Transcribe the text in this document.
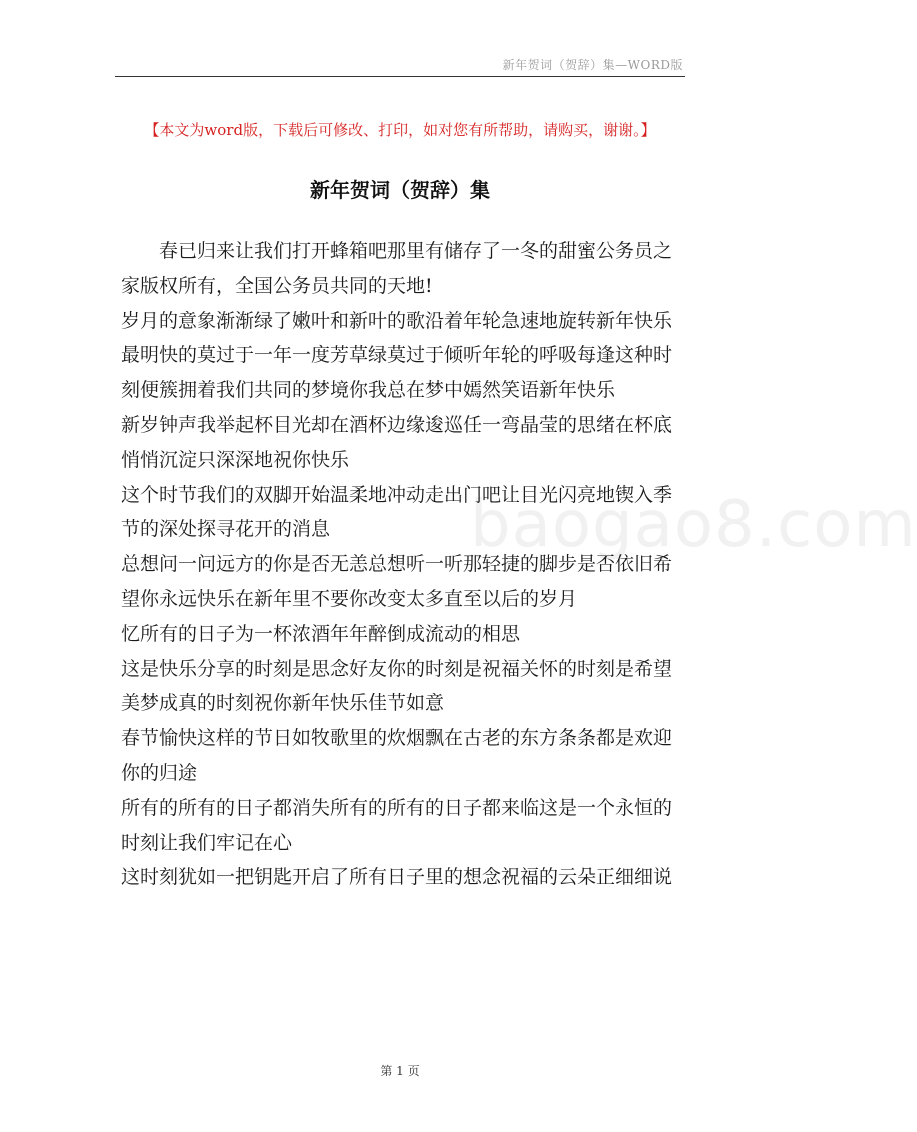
新年贺词（贺辞）集—WORD版
【本文为word版，下载后可修改、打印，如对您有所帮助，请购买，谢谢。】
新年贺词（贺辞）集
baogao8.com
春已归来让我们打开蜂箱吧那里有储存了一冬的甜蜜公务员之
家版权所有，全国公务员共同的天地!
岁月的意象渐渐绿了嫩叶和新叶的歌沿着年轮急速地旋转新年快乐
最明快的莫过于一年一度芳草绿莫过于倾听年轮的呼吸每逢这种时
刻便簇拥着我们共同的梦境你我总在梦中嫣然笑语新年快乐
新岁钟声我举起杯目光却在酒杯边缘逡巡任一弯晶莹的思绪在杯底
悄悄沉淀只深深地祝你快乐
这个时节我们的双脚开始温柔地冲动走出门吧让目光闪亮地锲入季
节的深处探寻花开的消息
总想问一问远方的你是否无恙总想听一听那轻捷的脚步是否依旧希
望你永远快乐在新年里不要你改变太多直至以后的岁月
忆所有的日子为一杯浓酒年年醉倒成流动的相思
这是快乐分享的时刻是思念好友你的时刻是祝福关怀的时刻是希望
美梦成真的时刻祝你新年快乐佳节如意
春节愉快这样的节日如牧歌里的炊烟飘在古老的东方条条都是欢迎
你的归途
所有的所有的日子都消失所有的所有的日子都来临这是一个永恒的
时刻让我们牢记在心
这时刻犹如一把钥匙开启了所有日子里的想念祝福的云朵正细细说
第 1 页
